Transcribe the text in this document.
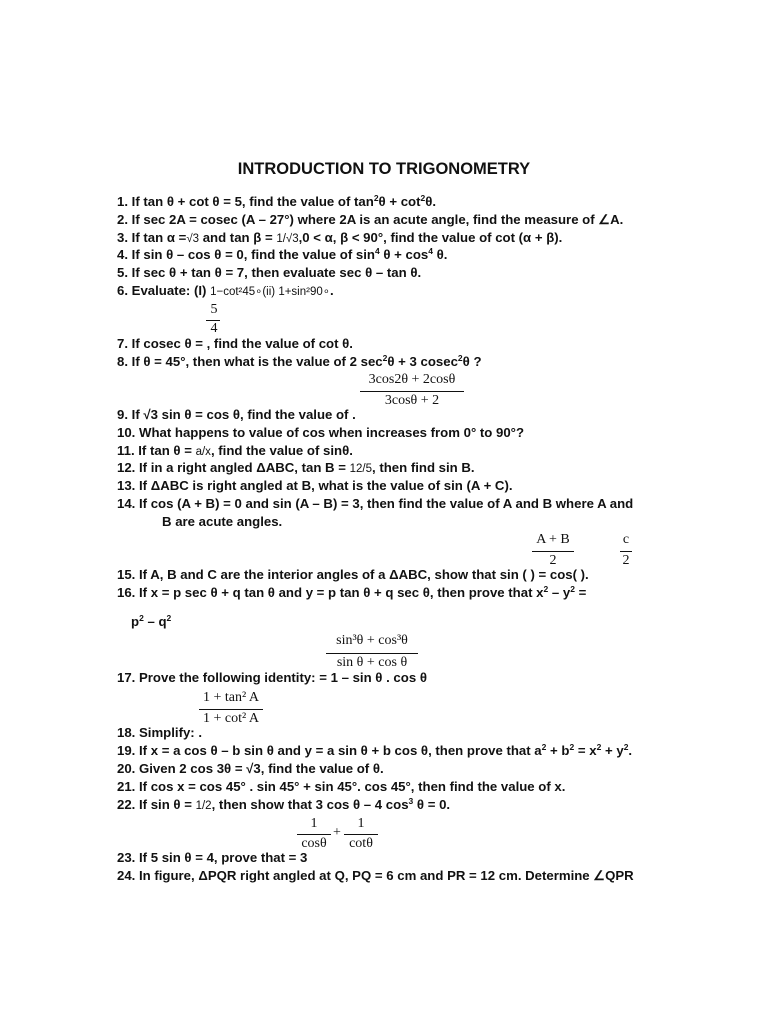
INTRODUCTION TO TRIGONOMETRY
1. If tan θ + cot θ = 5, find the value of $\tan^2\theta + \cot^2\theta$.
2. If sec 2A = cosec (A – 27°) where 2A is an acute angle, find the measure of ∠A.
3. If tan α =√3 and tan β = 1/√3,0 < α, β < 90°, find the value of cot (α + β).
4. If sin θ – cos θ = 0, find the value of $\sin^4 \theta + \cos^4 \theta$.
5. If sec θ + tan θ = 7, then evaluate sec θ – tan θ.
6. Evaluate: (I) 1−cot²45∘(ii) 1+sin²90∘.
5
4
7. If cosec θ = , find the value of cot θ.
8. If θ = 45°, then what is the value of 2 $\sec^2\theta + 3$ cosec$^2$θ ?
3cos2θ + 2cosθ
3cosθ + 2
9. If √3 sin θ = cos θ, find the value of .
10. What happens to value of cos when increases from 0° to 90°?
11. If tan θ = a/x, find the value of sinθ.
12. If in a right angled ΔABC, tan B = 12/5, then find sin B.
13. If ΔABC is right angled at B, what is the value of sin (A + C).
14. If cos (A + B) = 0 and sin (A – B) = 3, then find the value of A and B where A and
B are acute angles.
A + B
2
c
2
15. If A, B and C are the interior angles of a ΔABC, show that sin ( ) = cos( ).
16. If x = p sec θ + q tan θ and y = p tan θ + q sec θ, then prove that $x^2 - y^2$ =
$p^2 - q^2$
sin³θ + cos³θ
sin θ + cos θ
17. Prove the following identity: = 1 – sin θ . cos θ
1 + tan² A
1 + cot² A
18. Simplify: .
19. If x = a cos θ – b sin θ and y = a sin θ + b cos θ, then prove that $a^2 + b^2 = x^2 + y^2$.
20. Given 2 cos 3θ = √3, find the value of θ.
21. If cos x = cos 45° . sin 45° + sin 45°. cos 45°, then find the value of x.
22. If sin θ = 1/2, then show that 3 cos θ – 4 $\cos^3 \theta = 0$.
1
cosθ
+
1
cotθ
23. If 5 sin θ = 4, prove that = 3
24. In figure, ΔPQR right angled at Q, PQ = 6 cm and PR = 12 cm. Determine ∠QPR
